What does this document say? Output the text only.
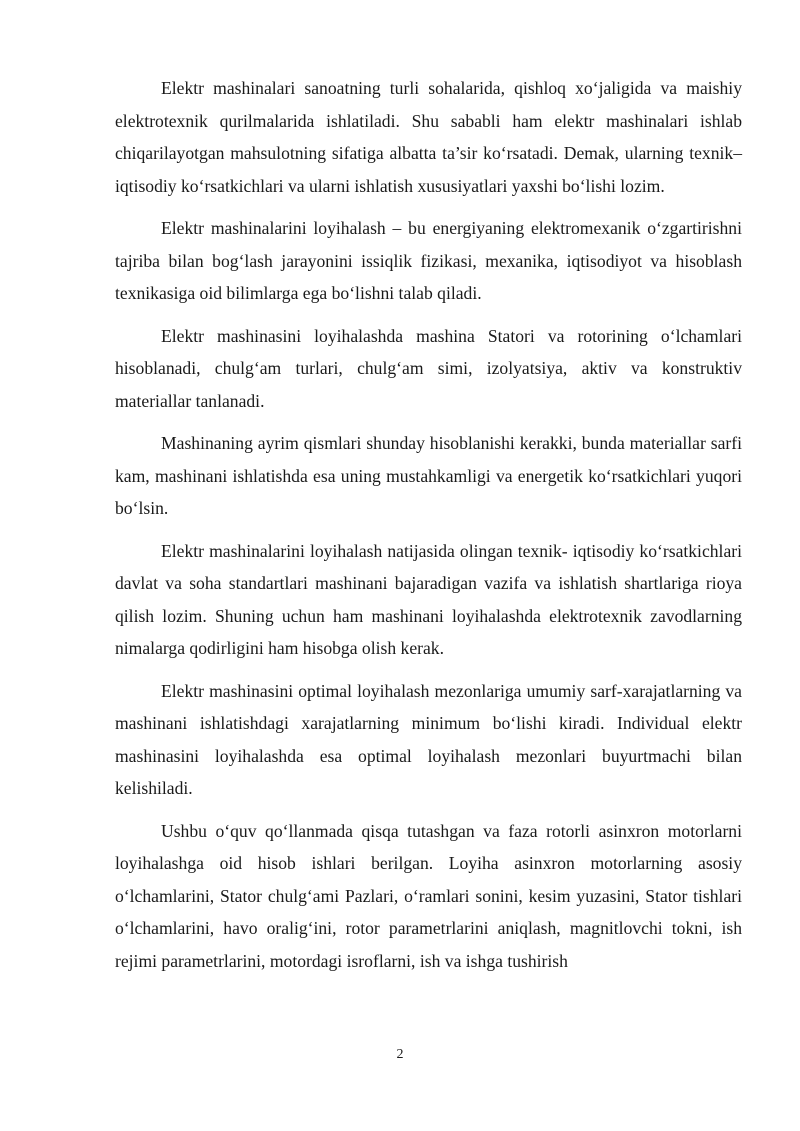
Elektr mashinalari sanoatning turli sohalarida, qishloq xo‘jaligida va maishiy elektrotexnik qurilmalarida ishlatiladi. Shu sababli ham elektr mashinalari ishlab chiqarilayotgan mahsulotning sifatiga albatta ta’sir ko‘rsatadi. Demak, ularning texnik–iqtisodiy ko‘rsatkichlari va ularni ishlatish xususiyatlari yaxshi bo‘lishi lozim.

Elektr mashinalarini loyihalash – bu energiyaning elektromexanik o‘zgartirishni tajriba bilan bog‘lash jarayonini issiqlik fizikasi, mexanika, iqtisodiyot va hisoblash texnikasiga oid bilimlarga ega bo‘lishni talab qiladi.

Elektr mashinasini loyihalashda mashina Statori va rotorining o‘lchamlari hisoblanadi, chulg‘am turlari, chulg‘am simi, izolyatsiya, aktiv va konstruktiv materiallar tanlanadi.

Mashinaning ayrim qismlari shunday hisoblanishi kerakki, bunda materiallar sarfi kam, mashinani ishlatishda esa uning mustahkamligi va energetik ko‘rsatkichlari yuqori bo‘lsin.

Elektr mashinalarini loyihalash natijasida olingan texnik- iqtisodiy ko‘rsatkichlari davlat va soha standartlari mashinani bajaradigan vazifa va ishlatish shartlariga rioya qilish lozim. Shuning uchun ham mashinani loyihalashda elektrotexnik zavodlarning nimalarga qodirligini ham hisobga olish kerak.

Elektr mashinasini optimal loyihalash mezonlariga umumiy sarf-xarajatlarning va mashinani ishlatishdagi xarajatlarning minimum bo‘lishi kiradi. Individual elektr mashinasini loyihalashda esa optimal loyihalash mezonlari buyurtmachi bilan kelishiladi.

Ushbu o‘quv qo‘llanmada qisqa tutashgan va faza rotorli asinxron motorlarni loyihalashga oid hisob ishlari berilgan. Loyiha asinxron motorlarning asosiy o‘lchamlarini, Stator chulg‘ami Pazlari, o‘ramlari sonini, kesim yuzasini, Stator tishlari o‘lchamlarini, havo oralig‘ini, rotor parametrlarini aniqlash, magnitlovchi tokni, ish rejimi parametrlarini, motordagi isroflarni, ish va ishga tushirish

2
